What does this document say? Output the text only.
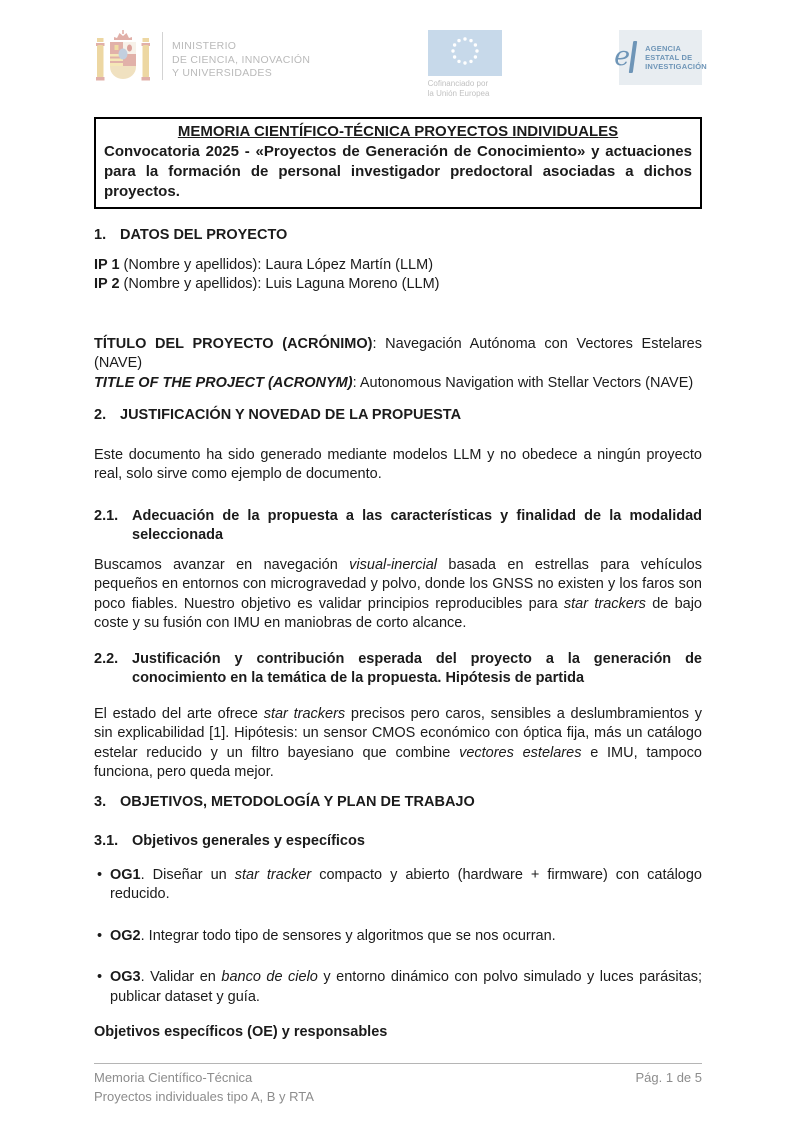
MINISTERIO
DE CIENCIA, INNOVACIÓN
Y UNIVERSIDADES
Cofinanciado por
la Unión Europea
e AGENCIA
ESTATAL DE
INVESTIGACIÓN
MEMORIA CIENTÍFICO-TÉCNICA PROYECTOS INDIVIDUALES
Convocatoria 2025 - «Proyectos de Generación de Conocimiento» y actuaciones para la formación de personal investigador predoctoral asociadas a dichos proyectos.
1. DATOS DEL PROYECTO
IP 1 (Nombre y apellidos): Laura López Martín (LLM)
IP 2 (Nombre y apellidos): Luis Laguna Moreno (LLM)
TÍTULO DEL PROYECTO (ACRÓNIMO): Navegación Autónoma con Vectores Estelares (NAVE)
TITLE OF THE PROJECT (ACRONYM): Autonomous Navigation with Stellar Vectors (NAVE)
2. JUSTIFICACIÓN Y NOVEDAD DE LA PROPUESTA
Este documento ha sido generado mediante modelos LLM y no obedece a ningún proyecto real, solo sirve como ejemplo de documento.
2.1. Adecuación de la propuesta a las características y finalidad de la modalidad seleccionada
Buscamos avanzar en navegación visual-inercial basada en estrellas para vehículos pequeños en entornos con microgravedad y polvo, donde los GNSS no existen y los faros son poco fiables. Nuestro objetivo es validar principios reproducibles para star trackers de bajo coste y su fusión con IMU en maniobras de corto alcance.
2.2. Justificación y contribución esperada del proyecto a la generación de conocimiento en la temática de la propuesta. Hipótesis de partida
El estado del arte ofrece star trackers precisos pero caros, sensibles a deslumbramientos y sin explicabilidad [1]. Hipótesis: un sensor CMOS económico con óptica fija, más un catálogo estelar reducido y un filtro bayesiano que combine vectores estelares e IMU, tampoco funciona, pero queda mejor.
3. OBJETIVOS, METODOLOGÍA Y PLAN DE TRABAJO
3.1. Objetivos generales y específicos
• OG1. Diseñar un star tracker compacto y abierto (hardware + firmware) con catálogo reducido.
• OG2. Integrar todo tipo de sensores y algoritmos que se nos ocurran.
• OG3. Validar en banco de cielo y entorno dinámico con polvo simulado y luces parásitas; publicar dataset y guía.
Objetivos específicos (OE) y responsables
Memoria Científico-Técnica
Proyectos individuales tipo A, B y RTA
Pág. 1 de 5
